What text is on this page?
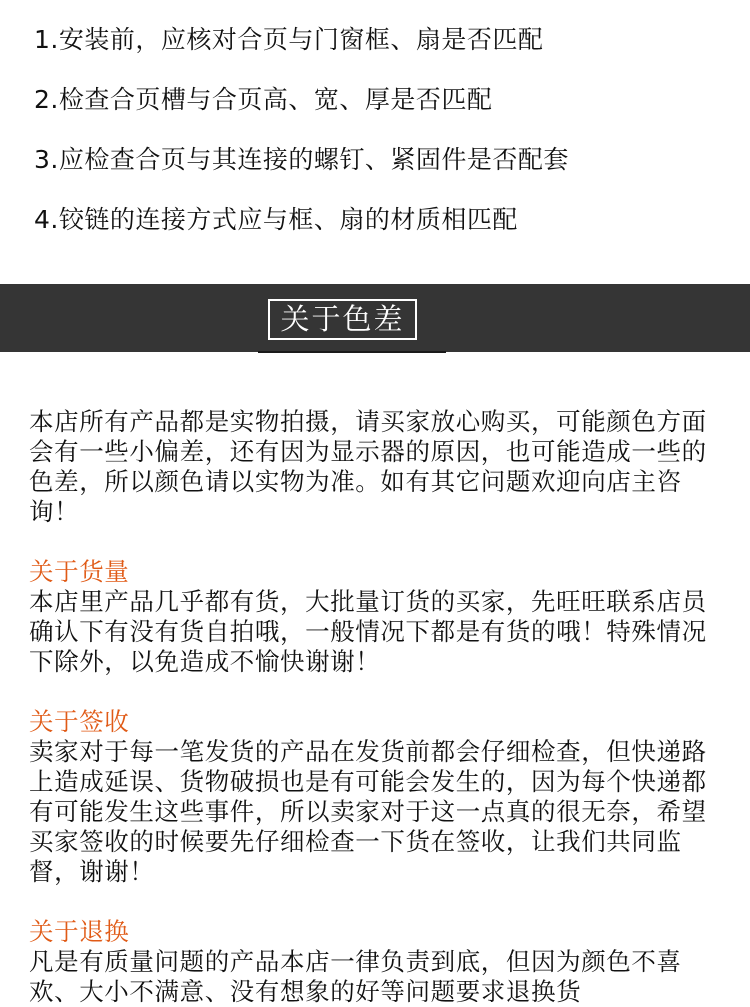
1.安装前，应核对合页与门窗框、扇是否匹配
2.检查合页槽与合页高、宽、厚是否匹配
3.应检查合页与其连接的螺钉、紧固件是否配套
4.铰链的连接方式应与框、扇的材质相匹配
关于色差

本店所有产品都是实物拍摄，请买家放心购买，可能颜色方面会有一些小偏差，还有因为显示器的原因，也可能造成一些的色差，所以颜色请以实物为准。如有其它问题欢迎向店主咨询！

关于货量

本店里产品几乎都有货，大批量订货的买家，先旺旺联系店员确认下有没有货自拍哦，一般情况下都是有货的哦！特殊情况下除外，以免造成不愉快谢谢！

关于签收

卖家对于每一笔发货的产品在发货前都会仔细检查，但快递路上造成延误、货物破损也是有可能会发生的，因为每个快递都有可能发生这些事件，所以卖家对于这一点真的很无奈，希望买家签收的时候要先仔细检查一下货在签收，让我们共同监督，谢谢！

关于退换

凡是有质量问题的产品本店一律负责到底，但因为颜色不喜欢、大小不满意、没有想象的好等问题要求退换货
